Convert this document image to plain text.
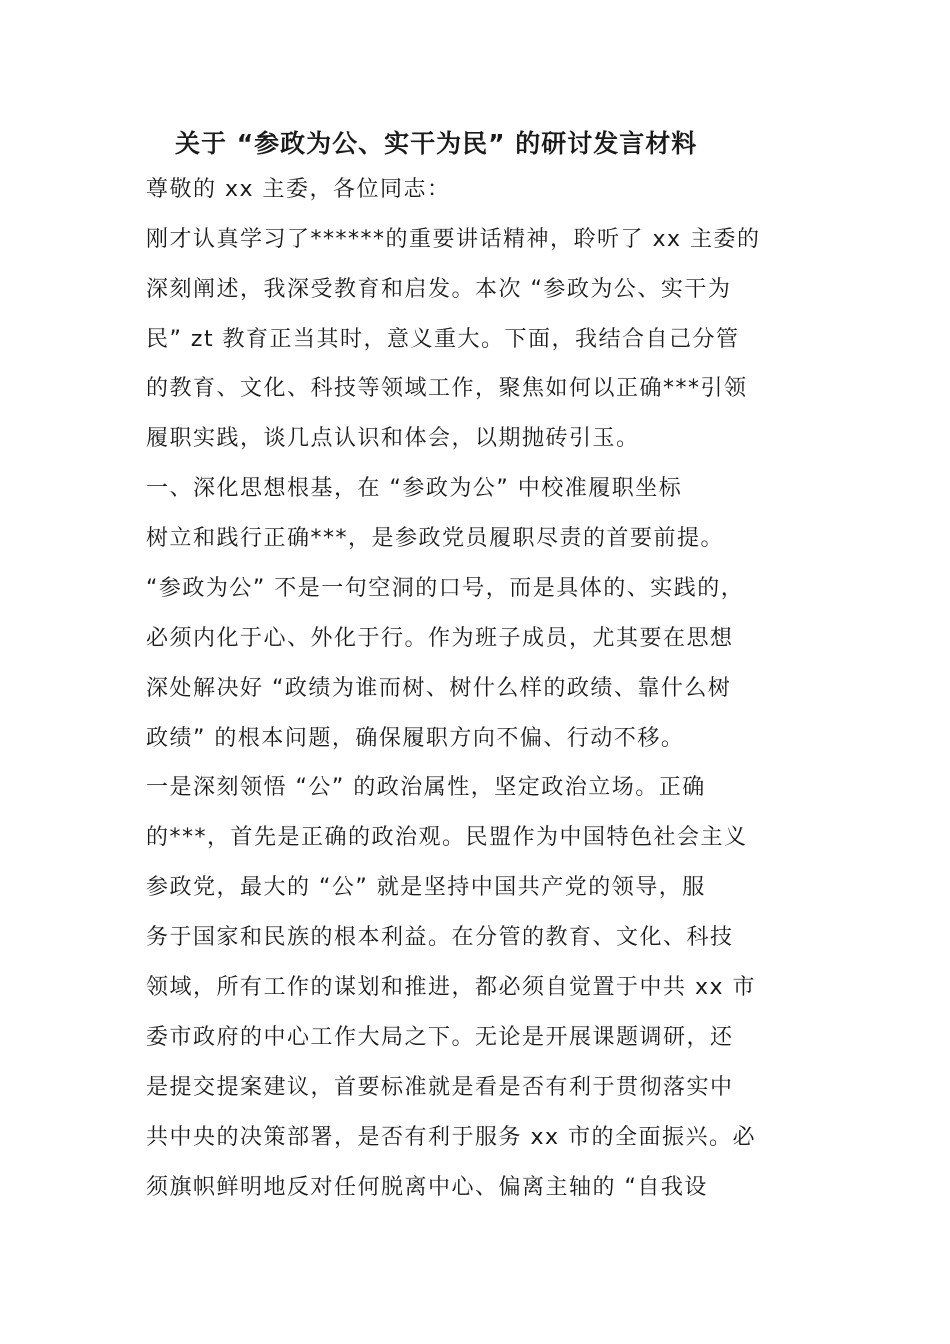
关于 “参政为公、实干为民” 的研讨发言材料
尊敬的 xx 主委，各位同志：
刚才认真学习了******的重要讲话精神，聆听了 xx 主委的
深刻阐述，我深受教育和启发。本次 “参政为公、实干为
民” zt 教育正当其时，意义重大。下面，我结合自己分管
的教育、文化、科技等领域工作，聚焦如何以正确***引领
履职实践，谈几点认识和体会，以期抛砖引玉。
一、深化思想根基，在 “参政为公” 中校准履职坐标
树立和践行正确***，是参政党员履职尽责的首要前提。
“参政为公” 不是一句空洞的口号，而是具体的、实践的，
必须内化于心、外化于行。作为班子成员，尤其要在思想
深处解决好 “政绩为谁而树、树什么样的政绩、靠什么树
政绩” 的根本问题，确保履职方向不偏、行动不移。
一是深刻领悟 “公” 的政治属性，坚定政治立场。正确
的***，首先是正确的政治观。民盟作为中国特色社会主义
参政党，最大的 “公” 就是坚持中国共产党的领导，服
务于国家和民族的根本利益。在分管的教育、文化、科技
领域，所有工作的谋划和推进，都必须自觉置于中共 xx 市
委市政府的中心工作大局之下。无论是开展课题调研，还
是提交提案建议，首要标准就是看是否有利于贯彻落实中
共中央的决策部署，是否有利于服务 xx 市的全面振兴。必
须旗帜鲜明地反对任何脱离中心、偏离主轴的 “自我设
